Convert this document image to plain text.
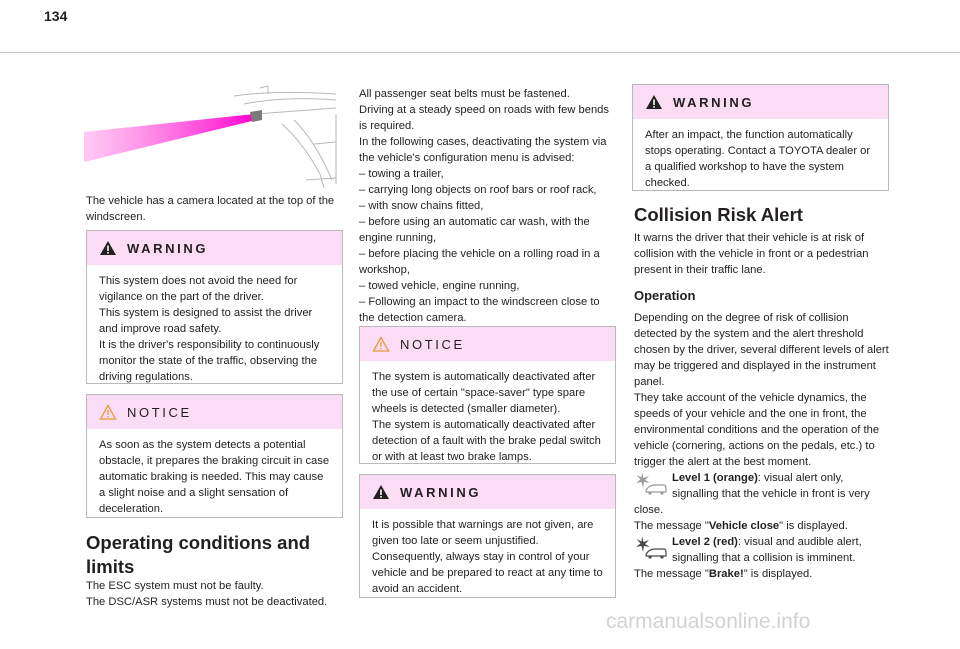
134
The vehicle has a camera located at the top of the windscreen.
WARNING

This system does not avoid the need for vigilance on the part of the driver.

This system is designed to assist the driver and improve road safety.

It is the driver's responsibility to continuously monitor the state of the traffic, observing the driving regulations.

NOTICE
As soon as the system detects a potential obstacle, it prepares the braking circuit in case automatic braking is needed. This may cause a slight noise and a slight sensation of deceleration.
Operating conditions and limits

The ESC system must not be faulty.

The DSC/ASR systems must not be deactivated.

All passenger seat belts must be fastened.

Driving at a steady speed on roads with few bends is required.

In the following cases, deactivating the system via the vehicle's configuration menu is advised:

– towing a trailer,

– carrying long objects on roof bars or roof rack,

– with snow chains fitted,

– before using an automatic car wash, with the engine running,

– before placing the vehicle on a rolling road in a workshop,

– towed vehicle, engine running,

– Following an impact to the windscreen close to the detection camera.

NOTICE

The system is automatically deactivated after the use of certain "space-saver" type spare wheels is detected (smaller diameter).

The system is automatically deactivated after detection of a fault with the brake pedal switch or with at least two brake lamps.

WARNING
It is possible that warnings are not given, are given too late or seem unjustified. Consequently, always stay in control of your vehicle and be prepared to react at any time to avoid an accident.
WARNING
After an impact, the function automatically stops operating. Contact a TOYOTA dealer or a qualified workshop to have the system checked.
Collision Risk Alert
It warns the driver that their vehicle is at risk of collision with the vehicle in front or a pedestrian present in their traffic lane.
Operation

Depending on the degree of risk of collision detected by the system and the alert threshold chosen by the driver, several different levels of alert may be triggered and displayed in the instrument panel.

They take account of the vehicle dynamics, the speeds of your vehicle and the one in front, the environmental conditions and the operation of the vehicle (cornering, actions on the pedals, etc.) to trigger the alert at the best moment.

Level 1 (orange): visual alert only, signalling that the vehicle in front is very close.

The message "Vehicle close" is displayed.

Level 2 (red): visual and audible alert, signalling that a collision is imminent.

The message "Brake!" is displayed.

carmanualsonline.info
